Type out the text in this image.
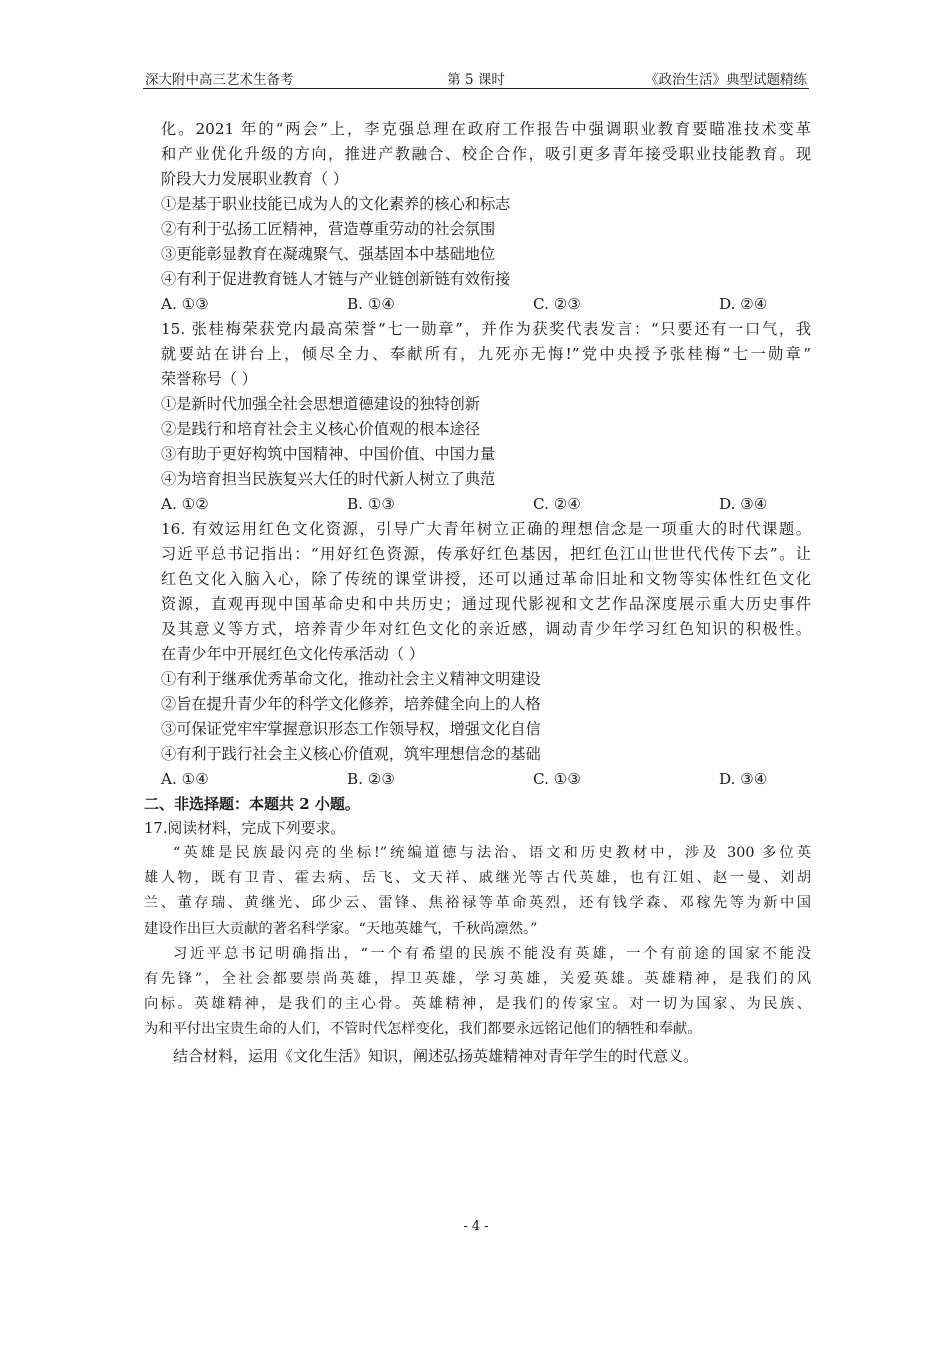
深大附中高三艺术生备考	第 5 课时	《政治生活》典型试题精练
化。2021 年的“两会”上，李克强总理在政府工作报告中强调职业教育要瞄准技术变革
和产业优化升级的方向，推进产教融合、校企合作，吸引更多青年接受职业技能教育。现
阶段大力发展职业教育（ ）
①是基于职业技能已成为人的文化素养的核心和标志
②有利于弘扬工匠精神，营造尊重劳动的社会氛围
③更能彰显教育在凝魂聚气、强基固本中基础地位
④有利于促进教育链人才链与产业链创新链有效衔接
A. ①③	B. ①④	C. ②③	D. ②④
15. 张桂梅荣获党内最高荣誉“七一勋章”，并作为获奖代表发言：“只要还有一口气，我
就要站在讲台上，倾尽全力、奉献所有，九死亦无悔!”党中央授予张桂梅“七一勋章”
荣誉称号（ ）
①是新时代加强全社会思想道德建设的独特创新
②是践行和培育社会主义核心价值观的根本途径
③有助于更好构筑中国精神、中国价值、中国力量
④为培育担当民族复兴大任的时代新人树立了典范
A. ①②	B. ①③	C. ②④	D. ③④
16. 有效运用红色文化资源，引导广大青年树立正确的理想信念是一项重大的时代课题。
习近平总书记指出：“用好红色资源，传承好红色基因，把红色江山世世代代传下去”。让
红色文化入脑入心，除了传统的课堂讲授，还可以通过革命旧址和文物等实体性红色文化
资源，直观再现中国革命史和中共历史；通过现代影视和文艺作品深度展示重大历史事件
及其意义等方式，培养青少年对红色文化的亲近感，调动青少年学习红色知识的积极性。
在青少年中开展红色文化传承活动（ ）
①有利于继承优秀革命文化，推动社会主义精神文明建设
②旨在提升青少年的科学文化修养，培养健全向上的人格
③可保证党牢牢掌握意识形态工作领导权，增强文化自信
④有利于践行社会主义核心价值观，筑牢理想信念的基础
A. ①④	B. ②③	C. ①③	D. ③④
二、非选择题：本题共 2 小题。
17.阅读材料，完成下列要求。
“英雄是民族最闪亮的坐标!”统编道德与法治、语文和历史教材中，涉及 300 多位英
雄人物，既有卫青、霍去病、岳飞、文天祥、戚继光等古代英雄，也有江姐、赵一曼、刘胡
兰、董存瑞、黄继光、邱少云、雷锋、焦裕禄等革命英烈，还有钱学森、邓稼先等为新中国
建设作出巨大贡献的著名科学家。“天地英雄气，千秋尚凛然。”
习近平总书记明确指出，“一个有希望的民族不能没有英雄，一个有前途的国家不能没
有先锋”，全社会都要崇尚英雄，捍卫英雄，学习英雄，关爱英雄。英雄精神，是我们的风
向标。英雄精神，是我们的主心骨。英雄精神，是我们的传家宝。对一切为国家、为民族、
为和平付出宝贵生命的人们，不管时代怎样变化，我们都要永远铭记他们的牺牲和奉献。
结合材料，运用《文化生活》知识，阐述弘扬英雄精神对青年学生的时代意义。
- 4 -
